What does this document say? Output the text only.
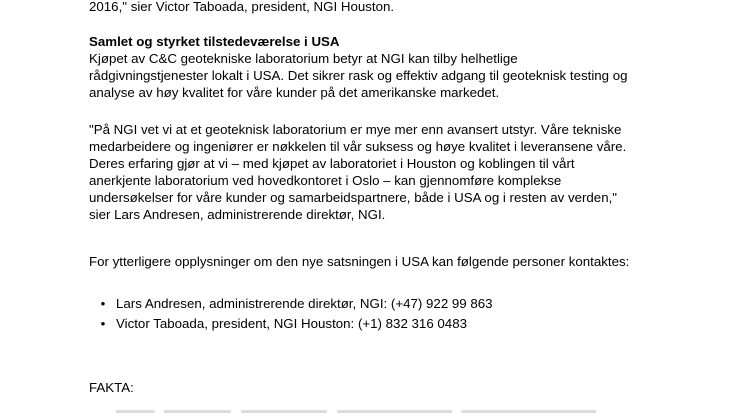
2016," sier Victor Taboada, president, NGI Houston.
Samlet og styrket tilstedeværelse i USA
Kjøpet av C&C geotekniske laboratorium betyr at NGI kan tilby helhetlige
rådgivningstjenester lokalt i USA. Det sikrer rask og effektiv adgang til geoteknisk testing og
analyse av høy kvalitet for våre kunder på det amerikanske markedet.
"På NGI vet vi at et geoteknisk laboratorium er mye mer enn avansert utstyr. Våre tekniske
medarbeidere og ingeniører er nøkkelen til vår suksess og høye kvalitet i leveransene våre.
Deres erfaring gjør at vi – med kjøpet av laboratoriet i Houston og koblingen til vårt
anerkjente laboratorium ved hovedkontoret i Oslo – kan gjennomføre komplekse
undersøkelser for våre kunder og samarbeidspartnere, både i USA og i resten av verden,"
sier Lars Andresen, administrerende direktør, NGI.
For ytterligere opplysninger om den nye satsningen i USA kan følgende personer kontaktes:
• Lars Andresen, administrerende direktør, NGI: (+47) 922 99 863
• Victor Taboada, president, NGI Houston: (+1) 832 316 0483
FAKTA:
